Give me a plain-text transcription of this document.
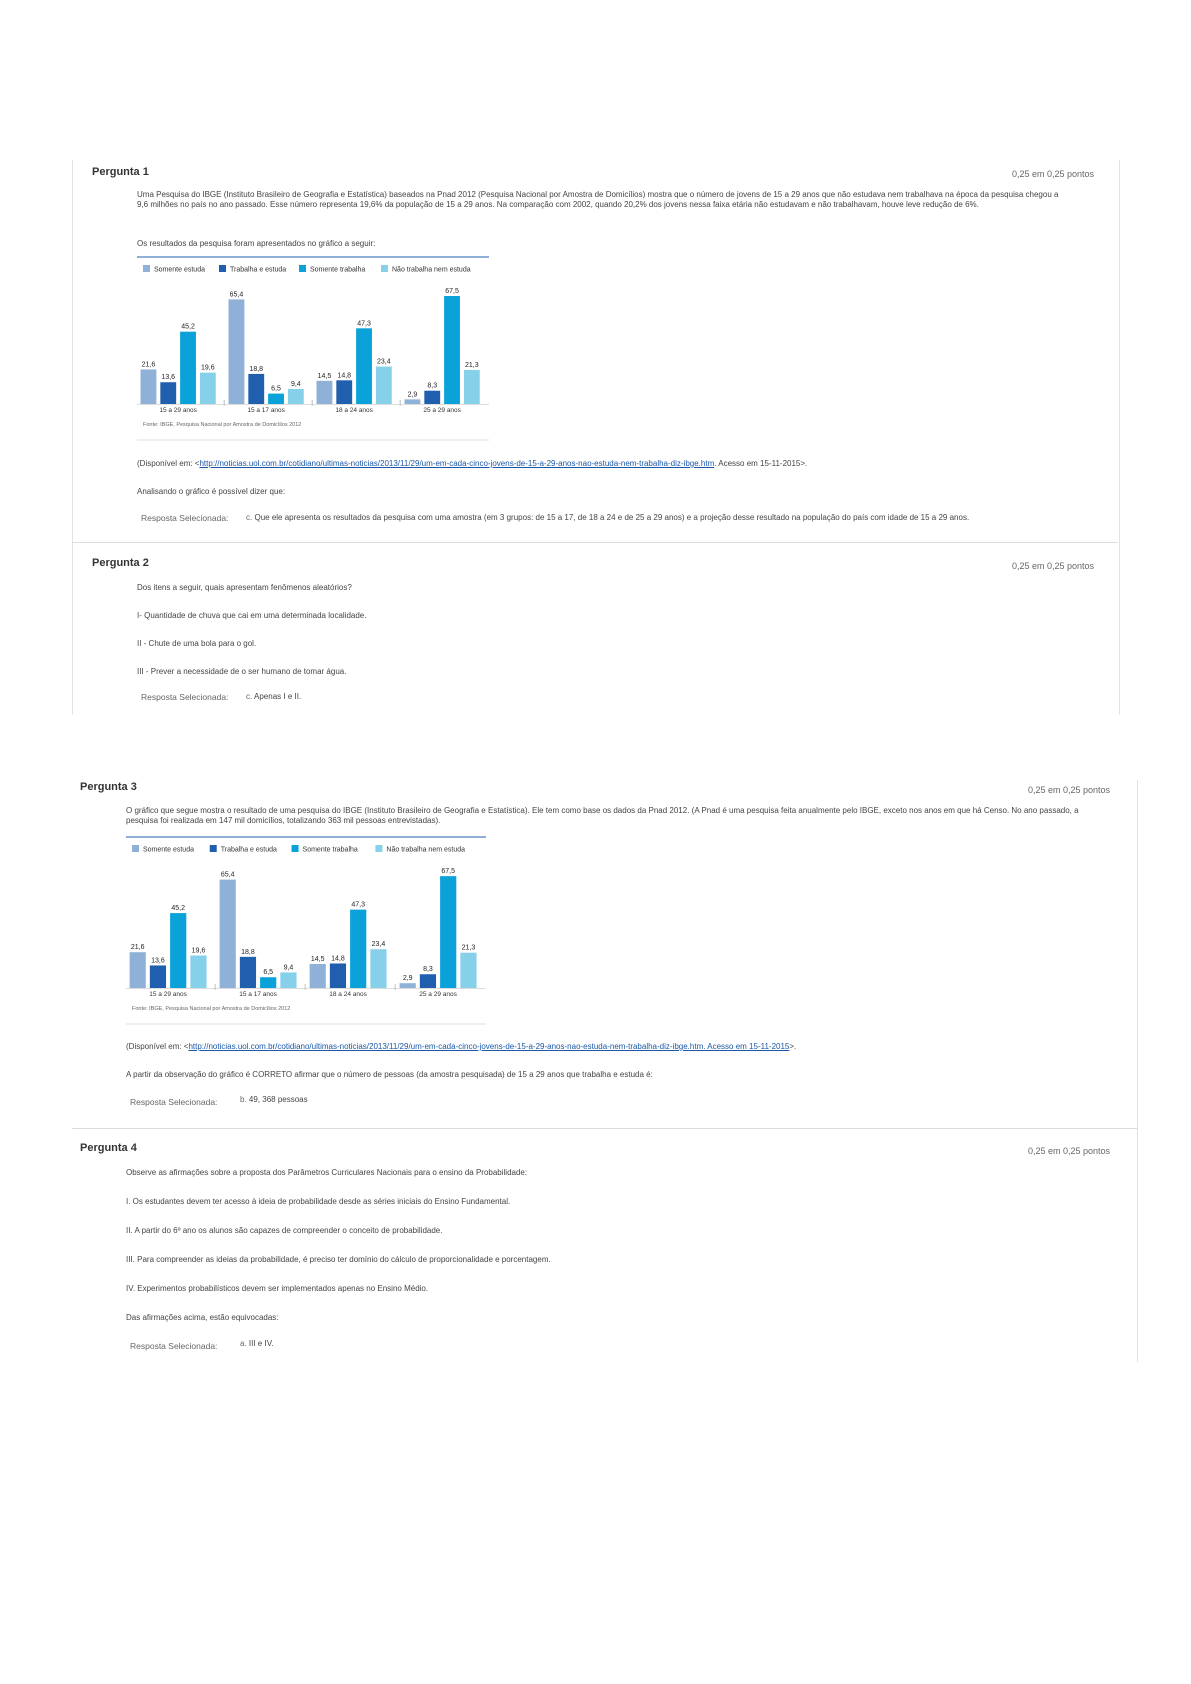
Pergunta 1	0,25 em 0,25 pontos
Uma Pesquisa do IBGE (Instituto Brasileiro de Geografia e Estatística) baseados na Pnad 2012 (Pesquisa Nacional por Amostra de Domicílios) mostra que o número de jovens de 15 a 29 anos que não estudava nem trabalhava na época da pesquisa chegou a 9,6 milhões no país no ano passado. Esse número representa 19,6% da população de 15 a 29 anos. Na comparação com 2002, quando 20,2% dos jovens nessa faixa etária não estudavam e não trabalhavam, houve leve redução de 6%.
Os resultados da pesquisa foram apresentados no gráfico a seguir:
Somente estuda	Trabalha e estuda	Somente trabalha	Não trabalha nem estuda
21,6
13,6
45,2
19,6
15 a 29 anos
65,4
18,8
6,5
9,4
15 a 17 anos
14,5 14,8
47,3
23,4
18 a 24 anos
2,9
8,3
67,5
21,3
25 a 29 anos
Fonte: IBGE, Pesquisa Nacional por Amostra de Domicílios 2012
(Disponível em: <http://noticias.uol.com.br/cotidiano/ultimas-noticias/2013/11/29/um-em-cada-cinco-jovens-de-15-a-29-anos-nao-estuda-nem-trabalha-diz-ibge.htm. Acesso em 15-11-2015>.
Analisando o gráfico é possível dizer que:
Resposta Selecionada: c. Que ele apresenta os resultados da pesquisa com uma amostra (em 3 grupos: de 15 a 17, de 18 a 24 e de 25 a 29 anos) e a projeção desse resultado na população do país com idade de 15 a 29 anos.
Pergunta 2	0,25 em 0,25 pontos
Dos itens a seguir, quais apresentam fenômenos aleatórios?
I- Quantidade de chuva que cai em uma determinada localidade.
II - Chute de uma bola para o gol.
III - Prever a necessidade de o ser humano de tomar água.
Resposta Selecionada: c. Apenas I e II.
Pergunta 3	0,25 em 0,25 pontos
O gráfico que segue mostra o resultado de uma pesquisa do IBGE (Instituto Brasileiro de Geografia e Estatística). Ele tem como base os dados da Pnad 2012. (A Pnad é uma pesquisa feita anualmente pelo IBGE, exceto nos anos em que há Censo. No ano passado, a pesquisa foi realizada em 147 mil domicílios, totalizando 363 mil pessoas entrevistadas).
Somente estuda	Trabalha e estuda	Somente trabalha	Não trabalha nem estuda
21,6
13,6
45,2
19,6
15 a 29 anos
65,4
18,8
6,5
9,4
15 a 17 anos
14,5 14,8
47,3
23,4
18 a 24 anos
2,9
8,3
67,5
21,3
25 a 29 anos
Fonte: IBGE, Pesquisa Nacional por Amostra de Domicílios 2012
(Disponível em: <http://noticias.uol.com.br/cotidiano/ultimas-noticias/2013/11/29/um-em-cada-cinco-jovens-de-15-a-29-anos-nao-estuda-nem-trabalha-diz-ibge.htm. Acesso em 15-11-2015>.
A partir da observação do gráfico é CORRETO afirmar que o número de pessoas (da amostra pesquisada) de 15 a 29 anos que trabalha e estuda é:
Resposta Selecionada:	b. 49, 368 pessoas
Pergunta 4	0,25 em 0,25 pontos
Observe as afirmações sobre a proposta dos Parâmetros Curriculares Nacionais para o ensino da Probabilidade:
I. Os estudantes devem ter acesso à ideia de probabilidade desde as séries iniciais do Ensino Fundamental.
II. A partir do 6º ano os alunos são capazes de compreender o conceito de probabilidade.
III. Para compreender as ideias da probabilidade, é preciso ter domínio do cálculo de proporcionalidade e porcentagem.
IV. Experimentos probabilísticos devem ser implementados apenas no Ensino Médio.
Das afirmações acima, estão equivocadas:
Resposta Selecionada:	a. III e IV.
